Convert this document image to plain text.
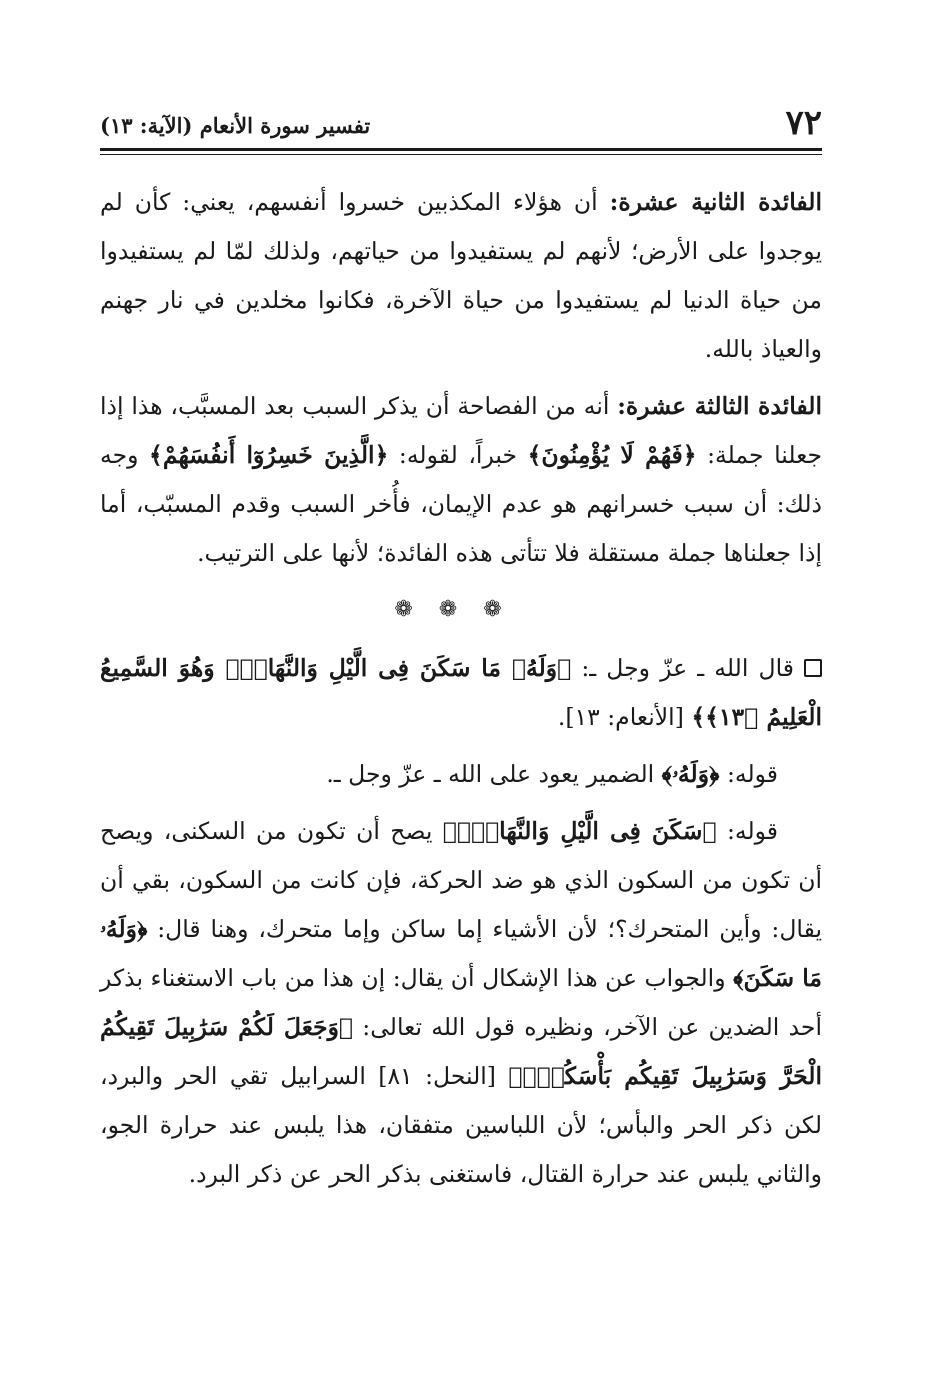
٧٢
تفسير سورة الأنعام (الآية: ١٣)

الفائدة الثانية عشرة: أن هؤلاء المكذبين خسروا أنفسهم، يعني: كأن لم يوجدوا على الأرض؛ لأنهم لم يستفيدوا من حياتهم، ولذلك لمّا لم يستفيدوا من حياة الدنيا لم يستفيدوا من حياة الآخرة، فكانوا مخلدين في نار جهنم والعياذ بالله.

الفائدة الثالثة عشرة: أنه من الفصاحة أن يذكر السبب بعد المسبَّب، هذا إذا جعلنا جملة: ﴿فَهُمْ لَا يُؤْمِنُونَ﴾ خبراً، لقوله: ﴿الَّذِينَ خَسِرُوٓا أَنفُسَهُمْ﴾ وجه ذلك: أن سبب خسرانهم هو عدم الإيمان، فأُخر السبب وقدم المسبّب، أما إذا جعلناها جملة مستقلة فلا تتأتى هذه الفائدة؛ لأنها على الترتيب.

❁❁❁

قال الله ـ عزّ وجل ـ: ﴿وَلَهُۥ مَا سَكَنَ فِى الَّيْلِ وَالنَّهَارِۚ وَهُوَ السَّمِيعُ الْعَلِيمُ ﴿١٣﴾﴾ [الأنعام: ١٣].

قوله: ﴿وَلَهُۥ﴾ الضمير يعود على الله ـ عزّ وجل ـ.

قوله: ﴿سَكَنَ فِى الَّيْلِ وَالنَّهَارِۚ﴾ يصح أن تكون من السكنى، ويصح أن تكون من السكون الذي هو ضد الحركة، فإن كانت من السكون، بقي أن يقال: وأين المتحرك؟؛ لأن الأشياء إما ساكن وإما متحرك، وهنا قال: ﴿وَلَهُۥ مَا سَكَنَ﴾ والجواب عن هذا الإشكال أن يقال: إن هذا من باب الاستغناء بذكر أحد الضدين عن الآخر، ونظيره قول الله تعالى: ﴿وَجَعَلَ لَكُمْ سَرَٰبِيلَ تَقِيكُمُ الْحَرَّ وَسَرَٰبِيلَ تَقِيكُم بَأْسَكُمْۚ﴾ [النحل: ٨١] السرابيل تقي الحر والبرد، لكن ذكر الحر والبأس؛ لأن اللباسين متفقان، هذا يلبس عند حرارة الجو، والثاني يلبس عند حرارة القتال، فاستغنى بذكر الحر عن ذكر البرد.
